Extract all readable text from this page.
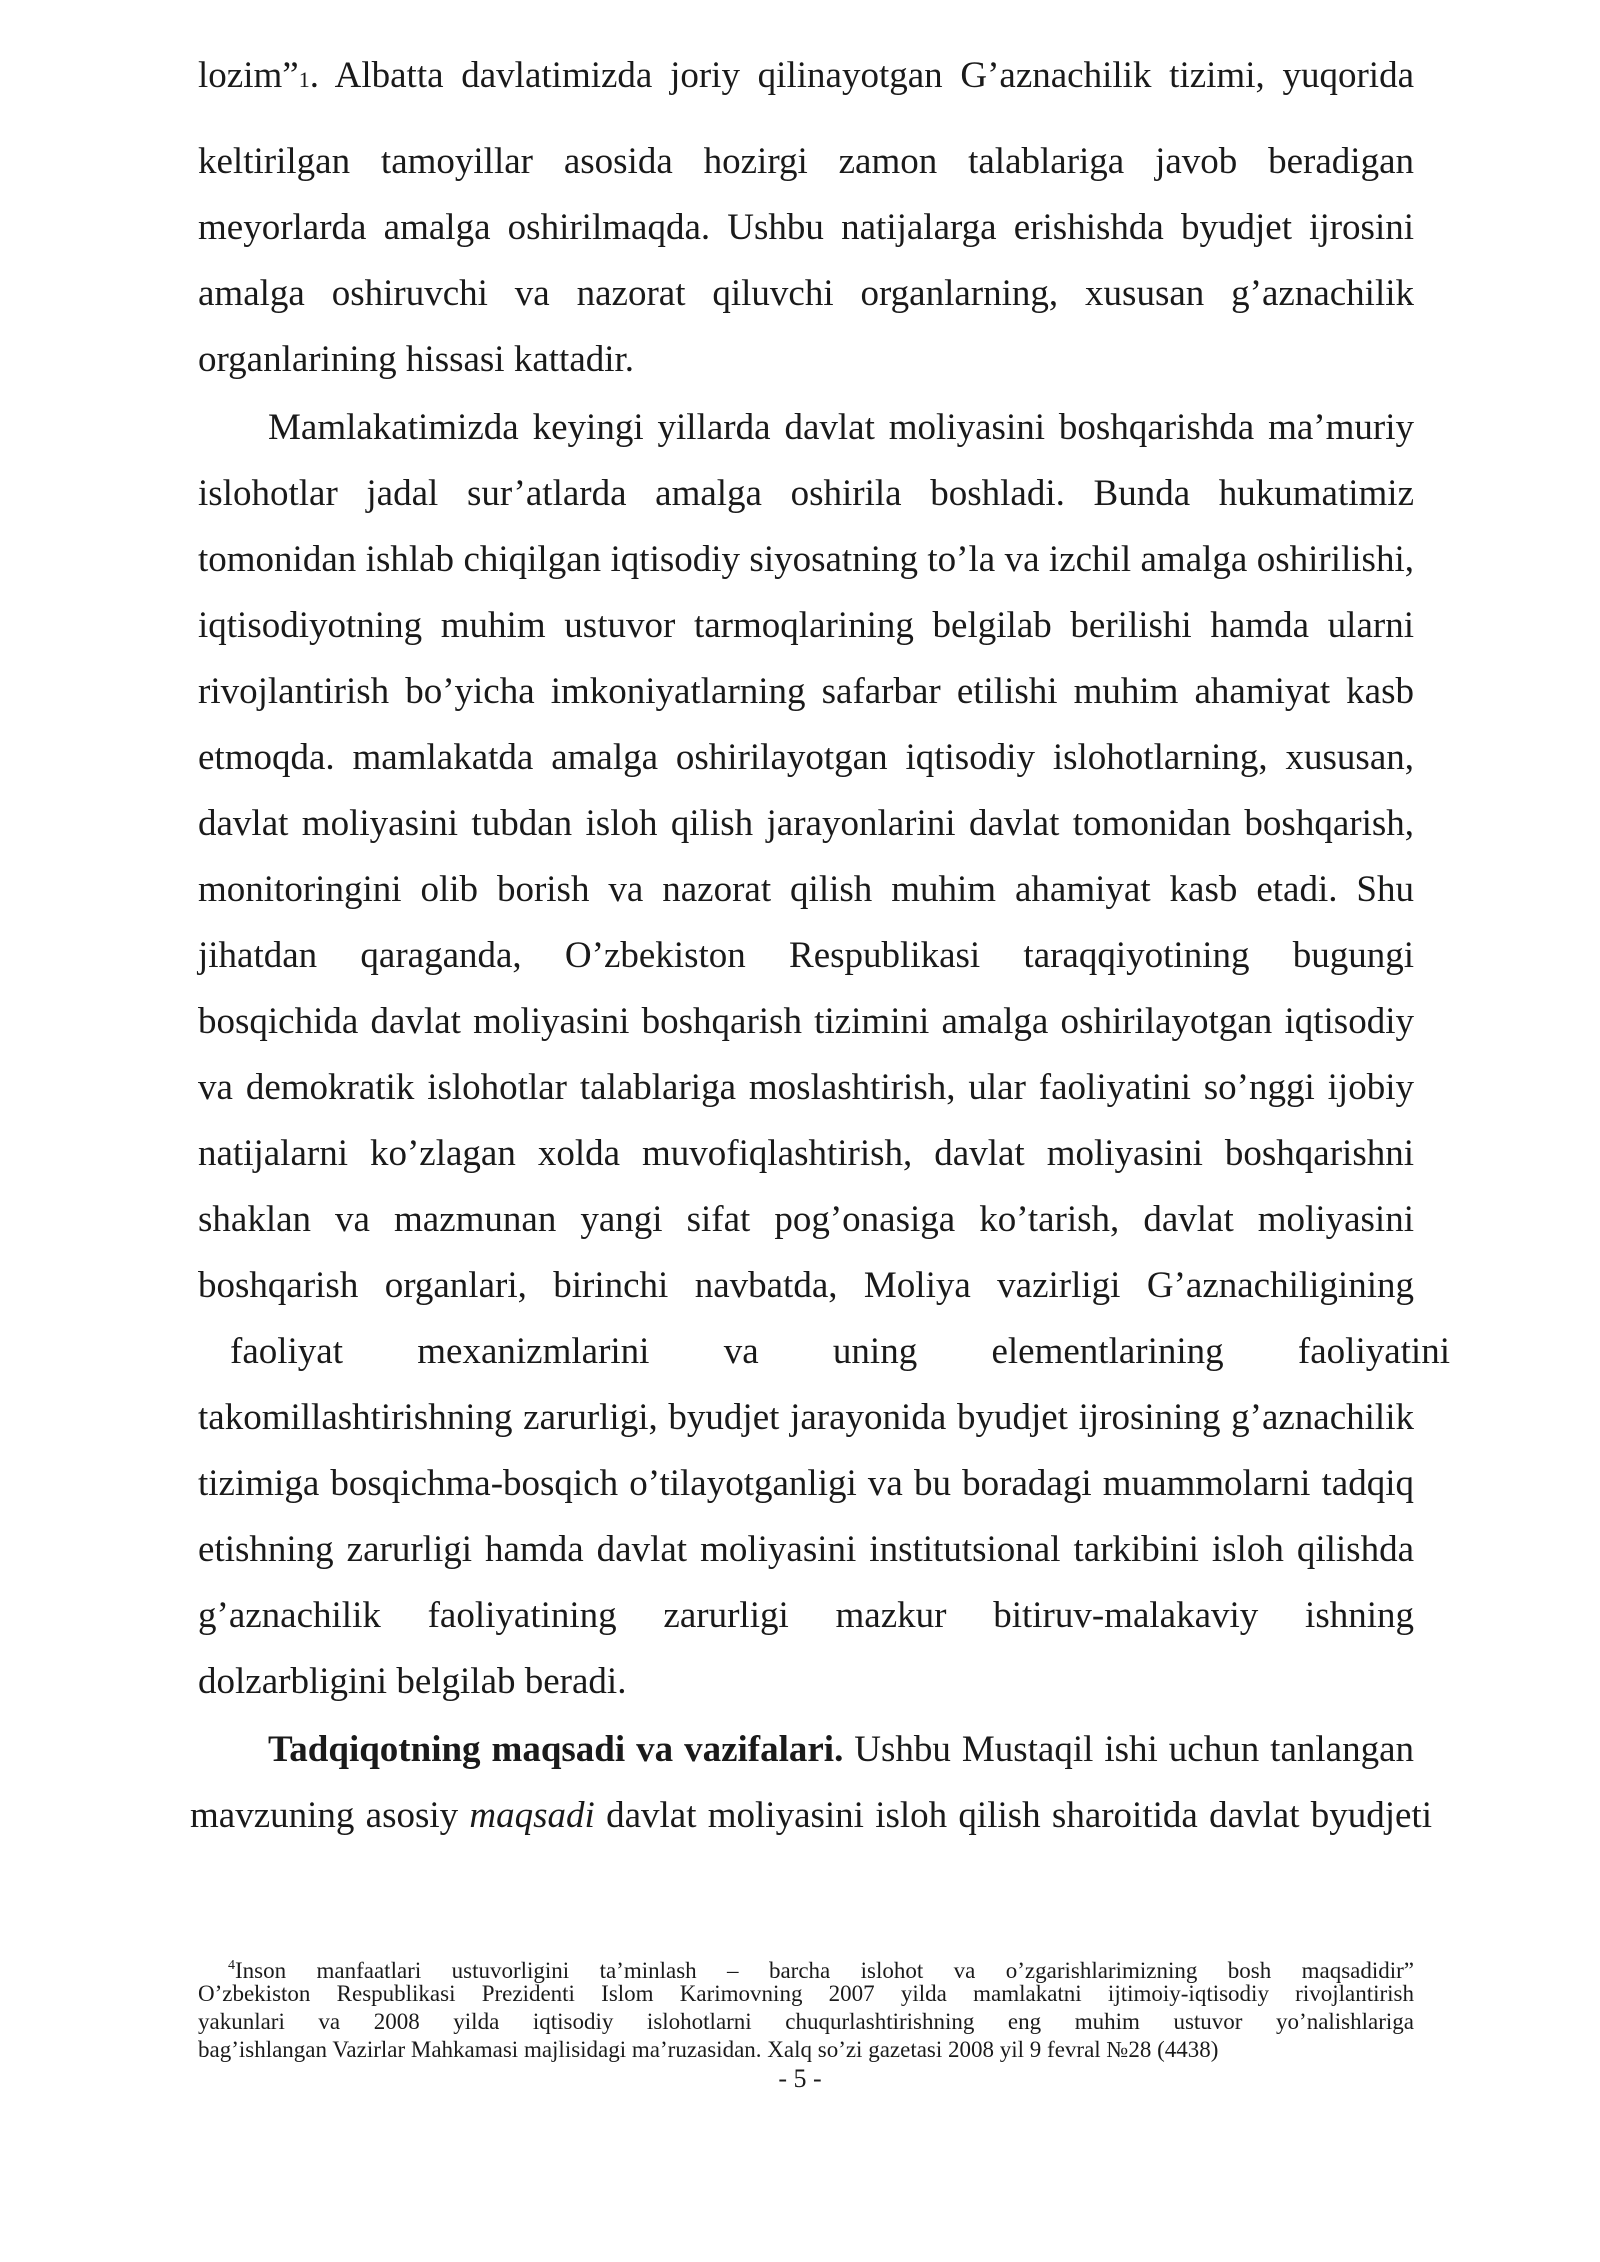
lozim”1. Albatta davlatimizda joriy qilinayotgan G’aznachilik tizimi, yuqorida
keltirilgan tamoyillar asosida hozirgi zamon talablariga javob beradigan
meyorlarda amalga oshirilmaqda. Ushbu natijalarga erishishda byudjet ijrosini
amalga oshiruvchi va nazorat qiluvchi organlarning, xususan g’aznachilik
organlarining hissasi kattadir.
Mamlakatimizda keyingi yillarda davlat moliyasini boshqarishda ma’muriy
islohotlar jadal sur’atlarda amalga oshirila boshladi. Bunda hukumatimiz
tomonidan ishlab chiqilgan iqtisodiy siyosatning to’la va izchil amalga oshirilishi,
iqtisodiyotning muhim ustuvor tarmoqlarining belgilab berilishi hamda ularni
rivojlantirish bo’yicha imkoniyatlarning safarbar etilishi muhim ahamiyat kasb
etmoqda. mamlakatda amalga oshirilayotgan iqtisodiy islohotlarning, xususan,
davlat moliyasini tubdan isloh qilish jarayonlarini davlat tomonidan boshqarish,
monitoringini olib borish va nazorat qilish muhim ahamiyat kasb etadi. Shu
jihatdan qaraganda, O’zbekiston Respublikasi taraqqiyotining bugungi
bosqichida davlat moliyasini boshqarish tizimini amalga oshirilayotgan iqtisodiy
va demokratik islohotlar talablariga moslashtirish, ular faoliyatini so’nggi ijobiy
natijalarni ko’zlagan xolda muvofiqlashtirish, davlat moliyasini boshqarishni
shaklan va mazmunan yangi sifat pog’onasiga ko’tarish, davlat moliyasini
boshqarish organlari, birinchi navbatda, Moliya vazirligi G’aznachiligining
faoliyat mexanizmlarini va uning elementlarining faoliyatini
takomillashtirishning zarurligi, byudjet jarayonida byudjet ijrosining g’aznachilik
tizimiga bosqichma-bosqich o’tilayotganligi va bu boradagi muammolarni tadqiq
etishning zarurligi hamda davlat moliyasini institutsional tarkibini isloh qilishda
g’aznachilik faoliyatining zarurligi mazkur bitiruv-malakaviy ishning
dolzarbligini belgilab beradi.
Tadqiqotning maqsadi va vazifalari. Ushbu Mustaqil ishi uchun tanlangan
mavzuning asosiy maqsadi davlat moliyasini isloh qilish sharoitida davlat byudjeti
$^4$Inson manfaatlari ustuvorligini ta’minlash – barcha islohot va o’zgarishlarimizning bosh maqsadidir”
O’zbekiston Respublikasi Prezidenti Islom Karimovning 2007 yilda mamlakatni ijtimoiy-iqtisodiy rivojlantirish
yakunlari va 2008 yilda iqtisodiy islohotlarni chuqurlashtirishning eng muhim ustuvor yo’nalishlariga
bag’ishlangan Vazirlar Mahkamasi majlisidagi ma’ruzasidan. Xalq so’zi gazetasi 2008 yil 9 fevral №28 (4438)
- 5 -
